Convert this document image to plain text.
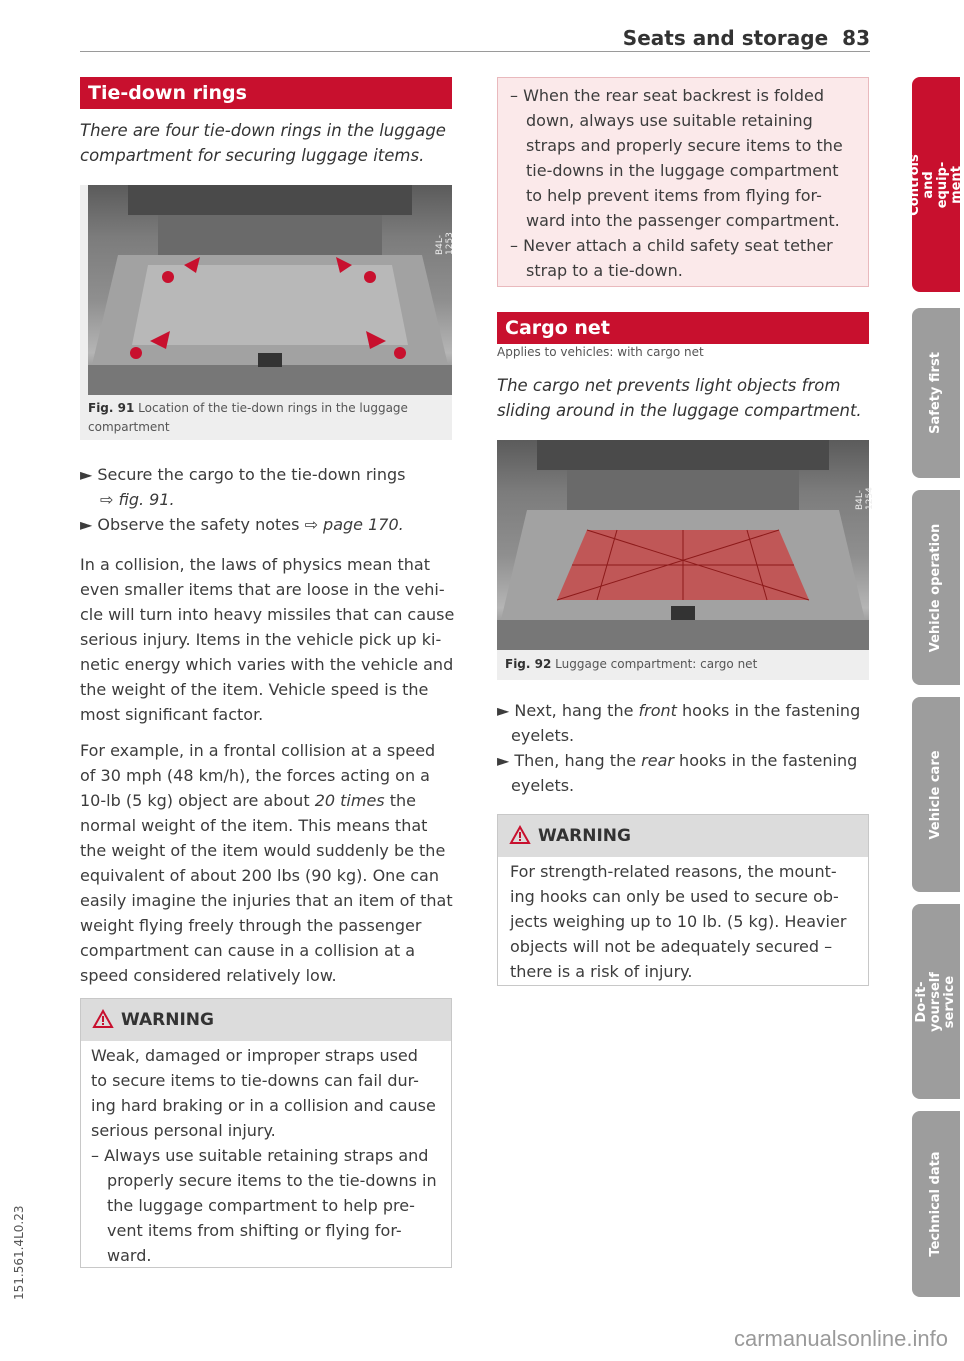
Seats and storage 83
Tie-down rings
There are four tie-down rings in the luggage compartment for securing luggage items.
B4L-1253
Fig. 91 Location of the tie-down rings in the luggage compartment
► Secure the cargo to the tie-down rings
⇨ fig. 91.
► Observe the safety notes ⇨ page 170.
In a collision, the laws of physics mean that
even smaller items that are loose in the vehi-
cle will turn into heavy missiles that can cause
serious injury. Items in the vehicle pick up ki-
netic energy which varies with the vehicle and
the weight of the item. Vehicle speed is the
most significant factor.
For example, in a frontal collision at a speed
of 30 mph (48 km/h), the forces acting on a
10-lb (5 kg) object are about 20 times the
normal weight of the item. This means that
the weight of the item would suddenly be the
equivalent of about 200 lbs (90 kg). One can
easily imagine the injuries that an item of that
weight flying freely through the passenger
compartment can cause in a collision at a
speed considered relatively low.
WARNING
Weak, damaged or improper straps used
to secure items to tie-downs can fail dur-
ing hard braking or in a collision and cause
serious personal injury.
– Always use suitable retaining straps and
properly secure items to the tie-downs in
the luggage compartment to help pre-
vent items from shifting or flying for-
ward.
– When the rear seat backrest is folded
down, always use suitable retaining
straps and properly secure items to the
tie-downs in the luggage compartment
to help prevent items from flying for-
ward into the passenger compartment.
– Never attach a child safety seat tether
strap to a tie-down.
Cargo net
Applies to vehicles: with cargo net
The cargo net prevents light objects from sliding around in the luggage compartment.
B4L-1254
Fig. 92 Luggage compartment: cargo net
► Next, hang the front hooks in the fastening
eyelets.
► Then, hang the rear hooks in the fastening
eyelets.
WARNING
For strength-related reasons, the mount-
ing hooks can only be used to secure ob-
jects weighing up to 10 lb. (5 kg). Heavier
objects will not be adequately secured –
there is a risk of injury.
Controls and equip-
ment
Safety first
Vehicle operation
Vehicle care
Do-it-yourself
service
Technical data
151.561.4L0.23
carmanualsonline.info
